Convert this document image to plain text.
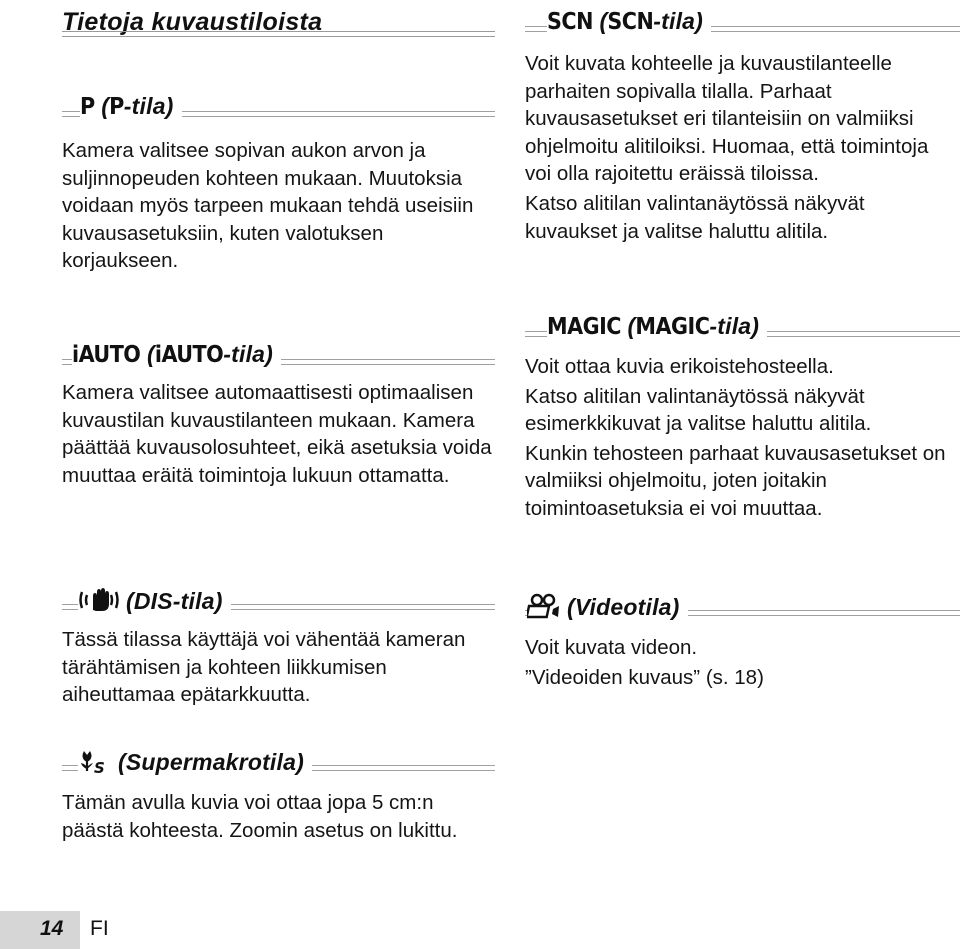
Tietoja kuvaustiloista
P (P-tila)

Kamera valitsee sopivan aukon arvon ja suljinnopeuden kohteen mukaan. Muutoksia voidaan myös tarpeen mukaan tehdä useisiin kuvausasetuksiin, kuten valotuksen korjaukseen.

iAUTO (iAUTO-tila)

Kamera valitsee automaattisesti optimaalisen kuvaustilan kuvaustilanteen mukaan. Kamera päättää kuvausolosuhteet, eikä asetuksia voida muuttaa eräitä toimintoja lukuun ottamatta.

(DIS-tila)

Tässä tilassa käyttäjä voi vähentää kameran tärähtämisen ja kohteen liikkumisen aiheuttamaa epätarkkuutta.

S (Supermakrotila)

Tämän avulla kuvia voi ottaa jopa 5 cm:n päästä kohteesta. Zoomin asetus on lukittu.

SCN (SCN-tila)

Voit kuvata kohteelle ja kuvaustilanteelle parhaiten sopivalla tilalla. Parhaat kuvausasetukset eri tilanteisiin on valmiiksi ohjelmoitu alitiloiksi. Huomaa, että toimintoja voi olla rajoitettu eräissä tiloissa.

Katso alitilan valintanäytössä näkyvät kuvaukset ja valitse haluttu alitila.

MAGIC (MAGIC-tila)

Voit ottaa kuvia erikoistehosteella.

Katso alitilan valintanäytössä näkyvät esimerkkikuvat ja valitse haluttu alitila.

Kunkin tehosteen parhaat kuvausasetukset on valmiiksi ohjelmoitu, joten joitakin toimintoasetuksia ei voi muuttaa.

(Videotila)

Voit kuvata videon.

”Videoiden kuvaus” (s. 18)

14 FI
